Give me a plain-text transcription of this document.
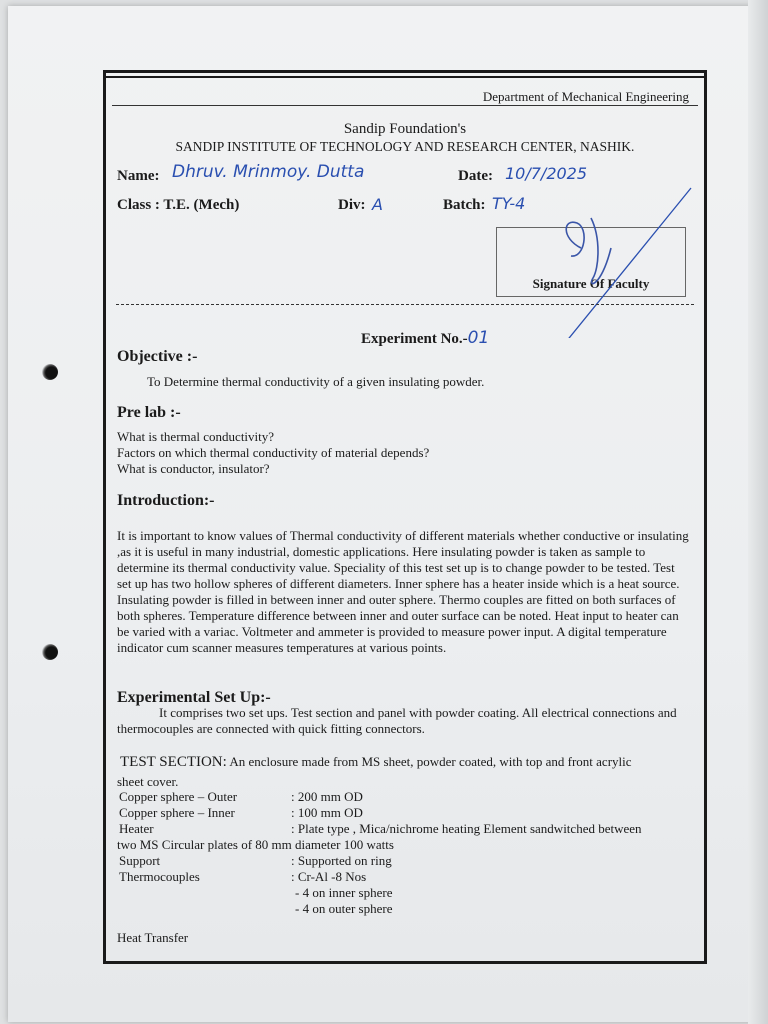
Department of Mechanical Engineering
Sandip Foundation's
SANDIP INSTITUTE OF TECHNOLOGY AND RESEARCH CENTER, NASHIK.
Name: Dhruv. Mrinmoy. Dutta	Date: 10/7/2025
Class : T.E. (Mech)	Div: A	Batch: TY-4
Signature Of Faculty
Experiment No.-01
Objective :-
To Determine thermal conductivity of a given insulating powder.
Pre lab :-
What is thermal conductivity?
Factors on which thermal conductivity of material depends?
What is conductor, insulator?
Introduction:-
It is important to know values of Thermal conductivity of different materials whether conductive or insulating ,as it is useful in many industrial, domestic applications. Here insulating powder is taken as sample to determine its thermal conductivity value. Speciality of this test set up is to change powder to be tested. Test set up has two hollow spheres of different diameters. Inner sphere has a heater inside which is a heat source. Insulating powder is filled in between inner and outer sphere. Thermo couples are fitted on both surfaces of both spheres. Temperature difference between inner and outer surface can be noted. Heat input to heater can be varied with a variac. Voltmeter and ammeter is provided to measure power input. A digital temperature indicator cum scanner measures temperatures at various points.
Experimental Set Up:-
It comprises two set ups. Test section and panel with powder coating. All electrical connections and thermocouples are connected with quick fitting connectors.
TEST SECTION: An enclosure made from MS sheet, powder coated, with top and front acrylic
sheet cover.
Copper sphere – Outer	: 200 mm OD
Copper sphere – Inner	: 100 mm OD
Heater	: Plate type , Mica/nichrome heating Element sandwitched between
two MS Circular plates of 80 mm diameter 100 watts
Support	: Supported on ring
Thermocouples	: Cr-Al -8 Nos
- 4 on inner sphere
- 4 on outer sphere
Heat Transfer
